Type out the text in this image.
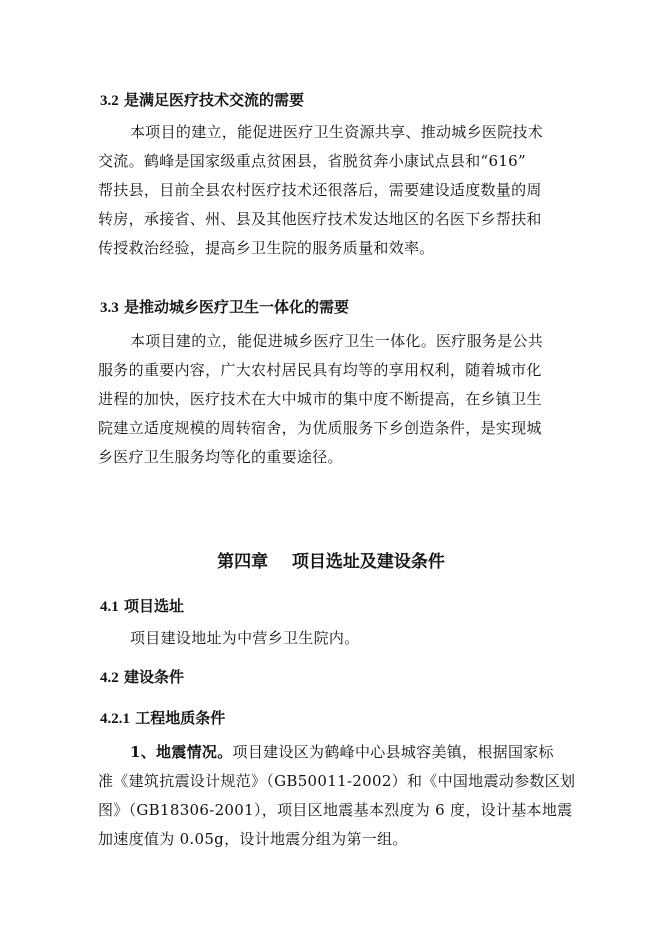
3.2 是满足医疗技术交流的需要
本项目的建立，能促进医疗卫生资源共享、推动城乡医院技术
交流。鹤峰是国家级重点贫困县，省脱贫奔小康试点县和“616”
帮扶县，目前全县农村医疗技术还很落后，需要建设适度数量的周
转房，承接省、州、县及其他医疗技术发达地区的名医下乡帮扶和
传授救治经验，提高乡卫生院的服务质量和效率。
3.3 是推动城乡医疗卫生一体化的需要
本项目建的立，能促进城乡医疗卫生一体化。医疗服务是公共
服务的重要内容，广大农村居民具有均等的享用权利，随着城市化
进程的加快，医疗技术在大中城市的集中度不断提高，在乡镇卫生
院建立适度规模的周转宿舍，为优质服务下乡创造条件，是实现城
乡医疗卫生服务均等化的重要途径。
第四章    项目选址及建设条件
4.1 项目选址
项目建设地址为中营乡卫生院内。
4.2 建设条件
4.2.1 工程地质条件
1、地震情况。项目建设区为鹤峰中心县城容美镇，根据国家标
准《建筑抗震设计规范》（GB50011-2002）和《中国地震动参数区划
图》（GB18306-2001），项目区地震基本烈度为 6 度，设计基本地震
加速度值为 0.05g，设计地震分组为第一组。
